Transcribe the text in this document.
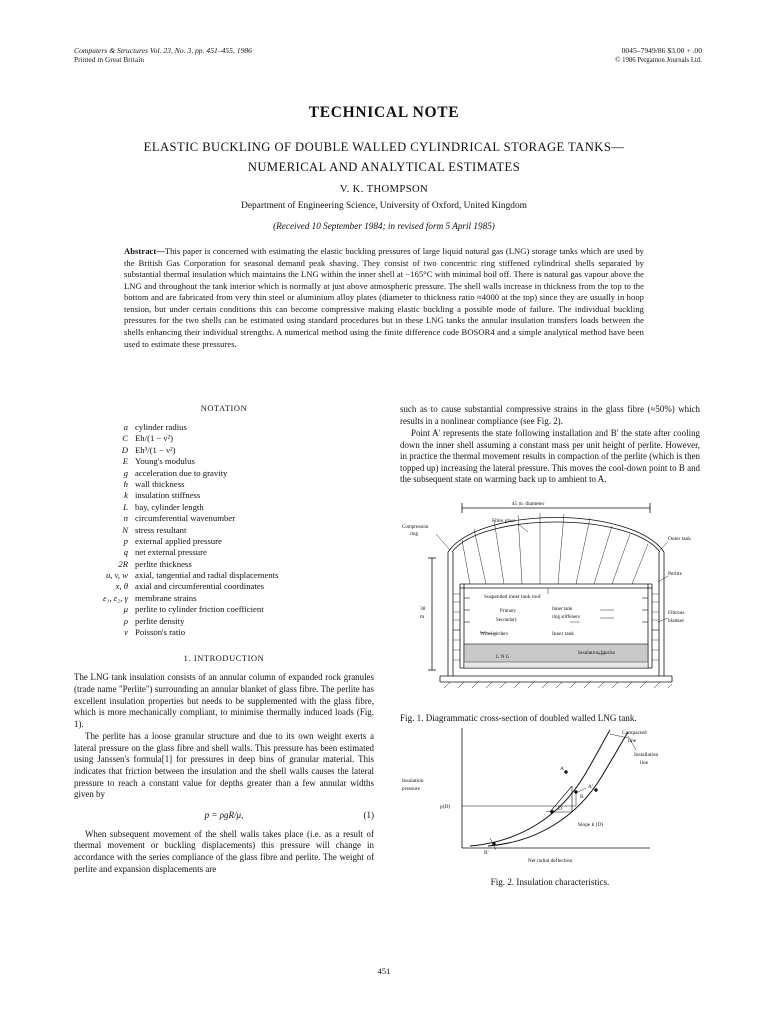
Computers & Structures Vol. 23, No. 3, pp. 451–455, 1986
Printed in Great Britain
0045–7949/86 $3.00 + .00
© 1986 Pergamon Journals Ltd.
TECHNICAL NOTE
ELASTIC BUCKLING OF DOUBLE WALLED CYLINDRICAL STORAGE TANKS—NUMERICAL AND ANALYTICAL ESTIMATES
V. K. THOMPSON
Department of Engineering Science, University of Oxford, United Kingdom
(Received 10 September 1984; in revised form 5 April 1985)
Abstract—This paper is concerned with estimating the elastic buckling pressures of large liquid natural gas (LNG) storage tanks which are used by the British Gas Corporation for seasonal demand peak shaving. They consist of two concentric ring stiffened cylindrical shells separated by substantial thermal insulation which maintains the LNG within the inner shell at −165°C with minimal boil off. There is natural gas vapour above the LNG and throughout the tank interior which is normally at just above atmospheric pressure. The shell walls increase in thickness from the top to the bottom and are fabricated from very thin steel or aluminium alloy plates (diameter to thickness ratio ≈4000 at the top) since they are usually in hoop tension, but under certain conditions this can become compressive making elastic buckling a possible mode of failure. The individual buckling pressures for the two shells can be estimated using standard procedures but in these LNG tanks the annular insulation transfers loads between the shells enhancing their individual strengths. A numerical method using the finite difference code BOSOR4 and a simple analytical method have been used to estimate these pressures.
NOTATION
a cylinder radius
C Eh/(1 − ν²)
D Eh³/(1 − ν²)
E Young's modulus
g acceleration due to gravity
h wall thickness
k insulation stiffness
L bay, cylinder length
n circumferential wavenumber
N stress resultant
p external applied pressure
q net external pressure
2R perlite thickness
u, v, w axial, tangential and radial displacements
x, θ axial and circumferential coordinates
ε₁, ε₂, γ membrane strains
μ perlite to cylinder friction coefficient
ρ perlite density
ν Poisson's ratio
1. INTRODUCTION

The LNG tank insulation consists of an annular column of expanded rock granules (trade name "Perlite") surrounding an annular blanket of glass fibre. The perlite has excellent insulation properties but needs to be supplemented with the glass fibre, which is more mechanically compliant, to minimise thermally induced loads (Fig. 1).

The perlite has a loose granular structure and due to its own weight exerts a lateral pressure on the glass fibre and shell walls. This pressure has been estimated using Janssen's formula[1] for pressures in deep bins of granular material. This indicates that friction between the insulation and the shell walls causes the lateral pressure to reach a constant value for depths greater than a few annular widths given by

p = ρgR/μ,	(1)

When subsequent movement of the shell walls takes place (i.e. as a result of thermal movement or buckling displacements) this pressure will change in accordance with the series compliance of the glass fibre and perlite. The weight of perlite and expansion displacements are

such as to cause substantial compressive strains in the glass fibre (≈50%) which results in a nonlinear compliance (see Fig. 2).

Point A' represents the state following installation and B' the state after cooling down the inner shell assuming a constant mass per unit height of perlite. However, in practice the thermal movement results in compaction of the perlite (which is then topped up) increasing the lateral pressure. This moves the cool-down point to B and the subsequent state on warming back up to ambient to A.

45 m. diameter
Compression
ring
Fibre glass
Outer tank
Perlite
Fibrous
blanket
Suspended inner tank roof
Primary
Secondary
Inner tank
ring stiffeners
Wind girders	Inner tank
L N G
Insulation blocks
38
m
Fig. 1. Diagrammatic cross-section of doubled walled LNG tank.
Insulation
pressure
p(D)
Compacted
line
Installation
line
Slope k (D)
A
D
A'
B
B'
Net radial deflection
Fig. 2. Insulation characteristics.
451
